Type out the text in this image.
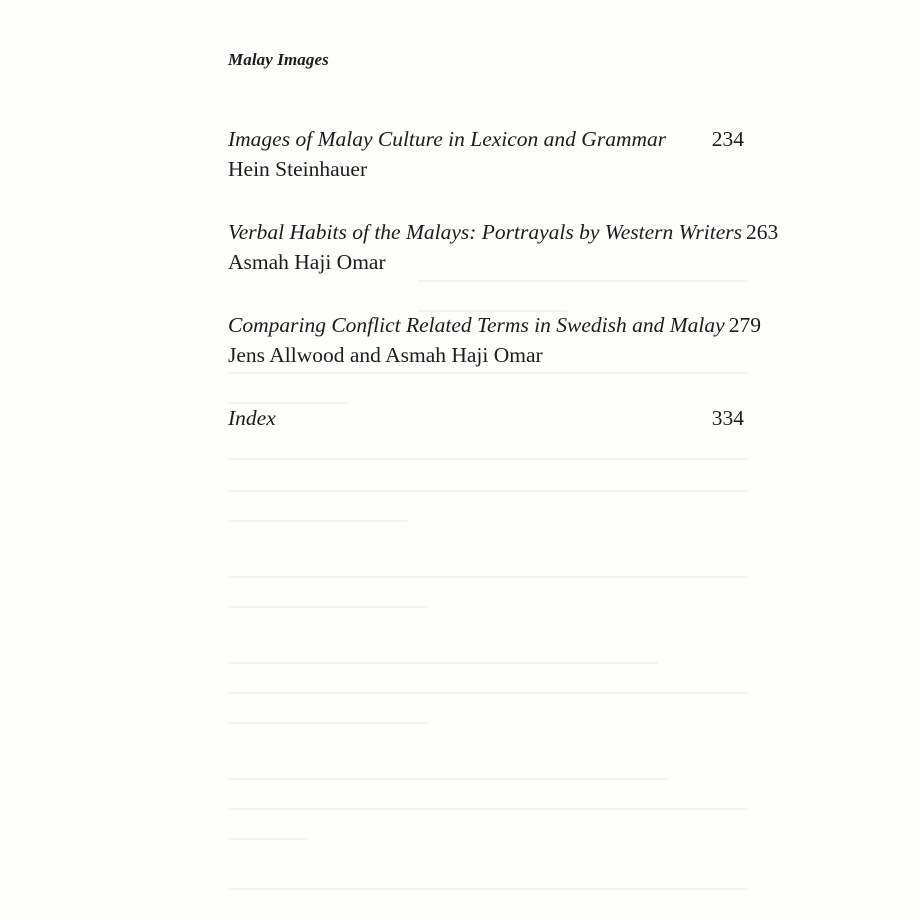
Malay Images
Images of Malay Culture in Lexicon and Grammar 234
Hein Steinhauer
Verbal Habits of the Malays: Portrayals by Western Writers 263
Asmah Haji Omar
Comparing Conflict Related Terms in Swedish and Malay 279
Jens Allwood and Asmah Haji Omar
Index	334
